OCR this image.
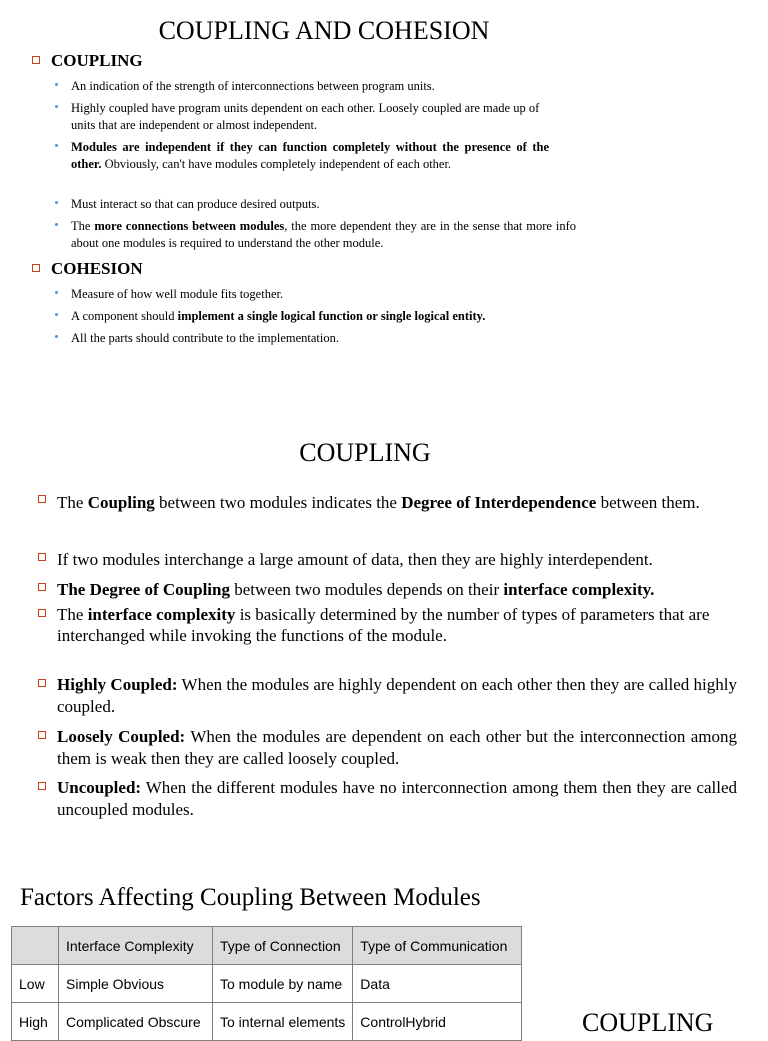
COUPLING AND COHESION
COUPLING
An indication of the strength of interconnections between program units.
Highly coupled have program units dependent on each other. Loosely coupled are made up of units that are independent or almost independent.
Modules are independent if they can function completely without the presence of the other. Obviously, can't have modules completely independent of each other.
Must interact so that can produce desired outputs.
The more connections between modules, the more dependent they are in the sense that more info about one modules is required to understand the other module.
COHESION
Measure of how well module fits together.
A component should implement a single logical function or single logical entity.
All the parts should contribute to the implementation.
COUPLING
The Coupling between two modules indicates the Degree of Interdependence between them.
If two modules interchange a large amount of data, then they are highly interdependent.
The Degree of Coupling between two modules depends on their interface complexity.
The interface complexity is basically determined by the number of types of parameters that are interchanged while invoking the functions of the module.
Highly Coupled: When the modules are highly dependent on each other then they are called highly coupled.
Loosely Coupled: When the modules are dependent on each other but the interconnection among them is weak then they are called loosely coupled.
Uncoupled: When the different modules have no interconnection among them then they are called uncoupled modules.
Factors Affecting Coupling Between Modules
	Interface Complexity	Type of Connection	Type of Communication
Low	Simple Obvious	To module by name	Data
High	Complicated Obscure	To internal elements	ControlHybrid	COUPLING
